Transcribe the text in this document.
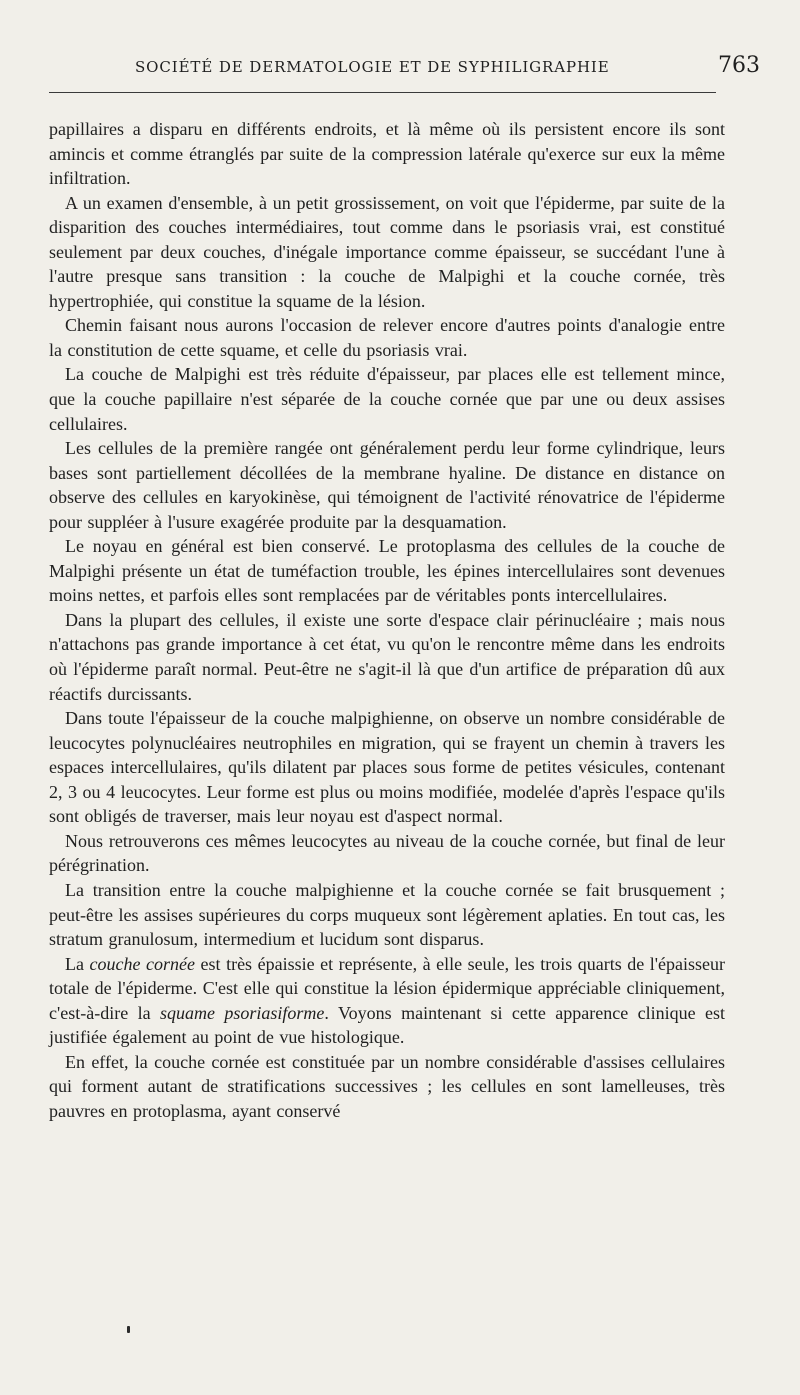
SOCIÉTÉ DE DERMATOLOGIE ET DE SYPHILIGRAPHIE	763

papillaires a disparu en différents endroits, et là même où ils persistent encore ils sont amincis et comme étranglés par suite de la compression latérale qu'exerce sur eux la même infiltration.

A un examen d'ensemble, à un petit grossissement, on voit que l'épiderme, par suite de la disparition des couches intermédiaires, tout comme dans le psoriasis vrai, est constitué seulement par deux couches, d'inégale importance comme épaisseur, se succédant l'une à l'autre presque sans transition : la couche de Malpighi et la couche cornée, très hypertrophiée, qui constitue la squame de la lésion.

Chemin faisant nous aurons l'occasion de relever encore d'autres points d'analogie entre la constitution de cette squame, et celle du psoriasis vrai.

La couche de Malpighi est très réduite d'épaisseur, par places elle est tellement mince, que la couche papillaire n'est séparée de la couche cornée que par une ou deux assises cellulaires.

Les cellules de la première rangée ont généralement perdu leur forme cylindrique, leurs bases sont partiellement décollées de la membrane hyaline. De distance en distance on observe des cellules en karyokinèse, qui témoignent de l'activité rénovatrice de l'épiderme pour suppléer à l'usure exagérée produite par la desquamation.

Le noyau en général est bien conservé. Le protoplasma des cellules de la couche de Malpighi présente un état de tuméfaction trouble, les épines intercellulaires sont devenues moins nettes, et parfois elles sont remplacées par de véritables ponts intercellulaires.

Dans la plupart des cellules, il existe une sorte d'espace clair périnucléaire ; mais nous n'attachons pas grande importance à cet état, vu qu'on le rencontre même dans les endroits où l'épiderme paraît normal. Peut-être ne s'agit-il là que d'un artifice de préparation dû aux réactifs durcissants.

Dans toute l'épaisseur de la couche malpighienne, on observe un nombre considérable de leucocytes polynucléaires neutrophiles en migration, qui se frayent un chemin à travers les espaces intercellulaires, qu'ils dilatent par places sous forme de petites vésicules, contenant 2, 3 ou 4 leucocytes. Leur forme est plus ou moins modifiée, modelée d'après l'espace qu'ils sont obligés de traverser, mais leur noyau est d'aspect normal.

Nous retrouverons ces mêmes leucocytes au niveau de la couche cornée, but final de leur pérégrination.

La transition entre la couche malpighienne et la couche cornée se fait brusquement ; peut-être les assises supérieures du corps muqueux sont légèrement aplaties. En tout cas, les stratum granulosum, intermedium et lucidum sont disparus.

La couche cornée est très épaissie et représente, à elle seule, les trois quarts de l'épaisseur totale de l'épiderme. C'est elle qui constitue la lésion épidermique appréciable cliniquement, c'est-à-dire la squame psoriasiforme. Voyons maintenant si cette apparence clinique est justifiée également au point de vue histologique.

En effet, la couche cornée est constituée par un nombre considérable d'assises cellulaires qui forment autant de stratifications successives ; les cellules en sont lamelleuses, très pauvres en protoplasma, ayant conservé
